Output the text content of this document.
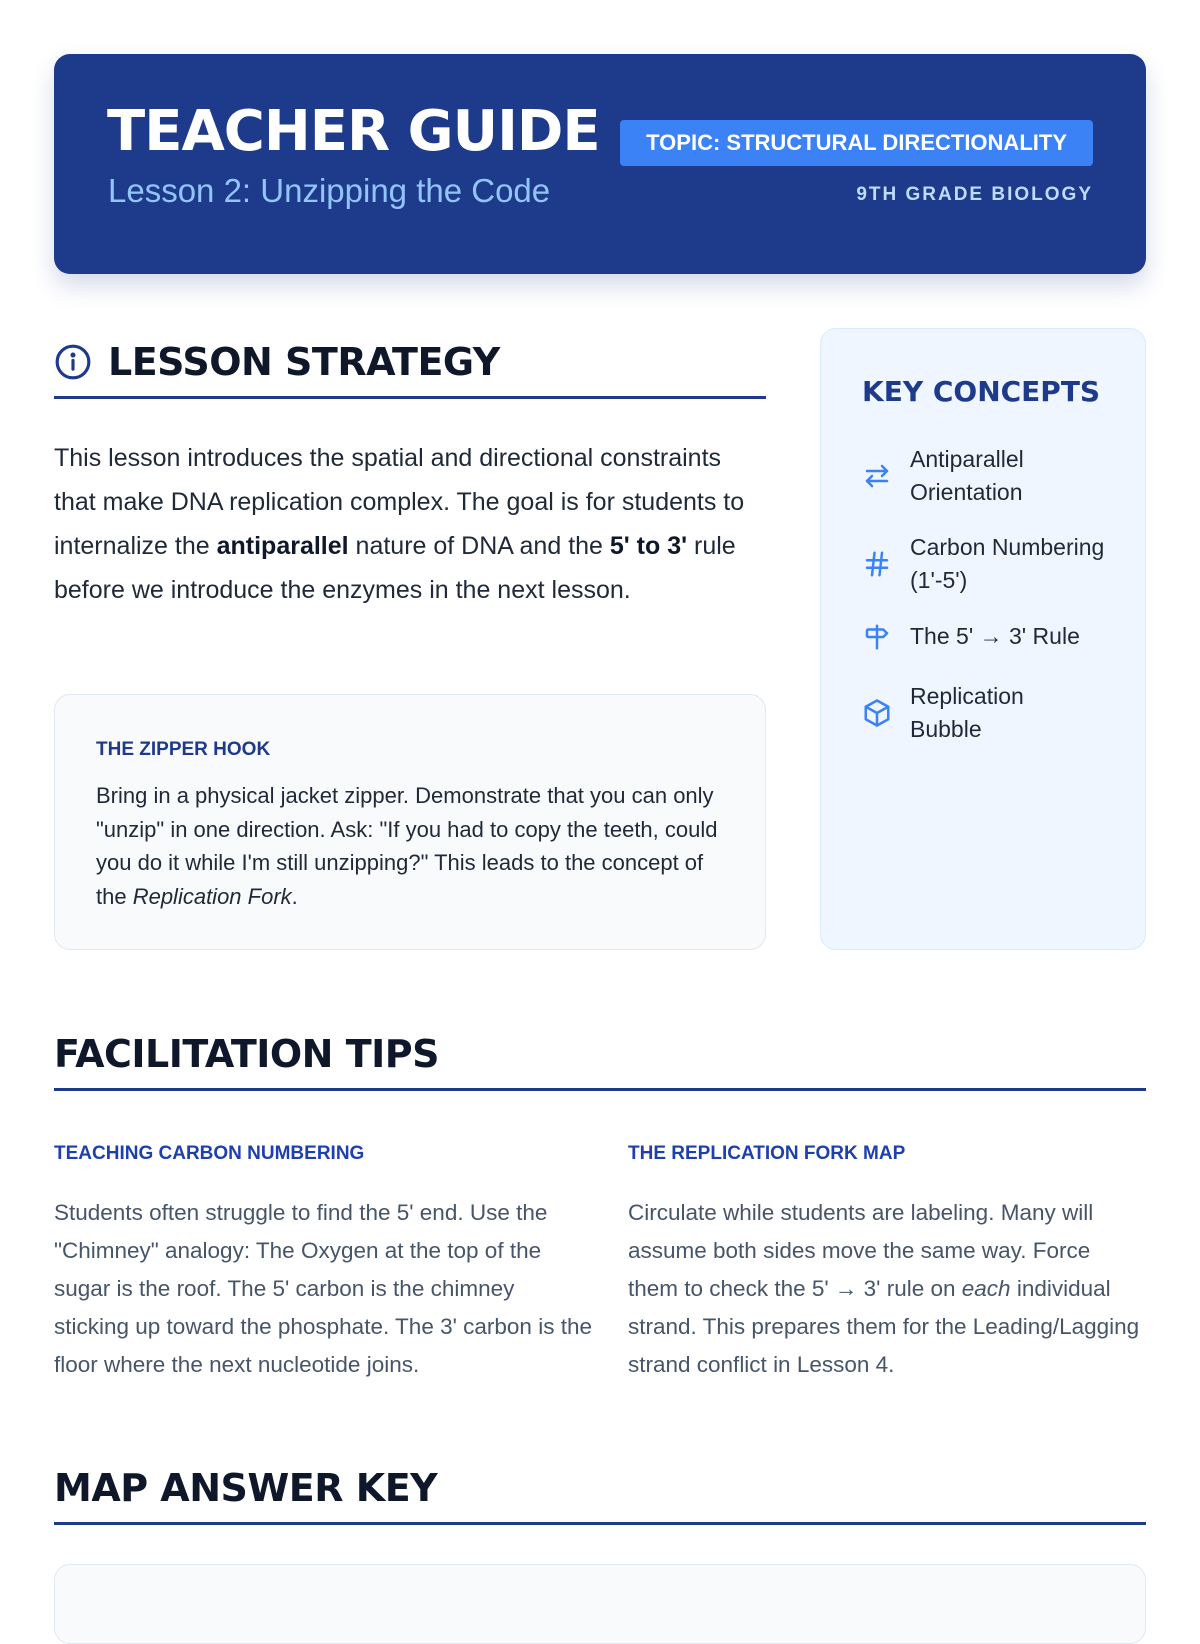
TEACHER GUIDE
Lesson 2: Unzipping the Code
TOPIC: STRUCTURAL DIRECTIONALITY
9TH GRADE BIOLOGY
LESSON STRATEGY

This lesson introduces the spatial and directional constraints that make DNA replication complex. The goal is for students to internalize the antiparallel nature of DNA and the 5' to 3' rule before we introduce the enzymes in the next lesson.

THE ZIPPER HOOK

Bring in a physical jacket zipper. Demonstrate that you can only "unzip" in one direction. Ask: "If you had to copy the teeth, could you do it while I'm still unzipping?" This leads to the concept of the Replication Fork.

KEY CONCEPTS
Antiparallel Orientation
Carbon Numbering (1'-5')
The 5' → 3' Rule
Replication Bubble
FACILITATION TIPS
TEACHING CARBON NUMBERING

Students often struggle to find the 5' end. Use the "Chimney" analogy: The Oxygen at the top of the sugar is the roof. The 5' carbon is the chimney sticking up toward the phosphate. The 3' carbon is the floor where the next nucleotide joins.

THE REPLICATION FORK MAP

Circulate while students are labeling. Many will assume both sides move the same way. Force them to check the 5' → 3' rule on each individual strand. This prepares them for the Leading/Lagging strand conflict in Lesson 4.

MAP ANSWER KEY
